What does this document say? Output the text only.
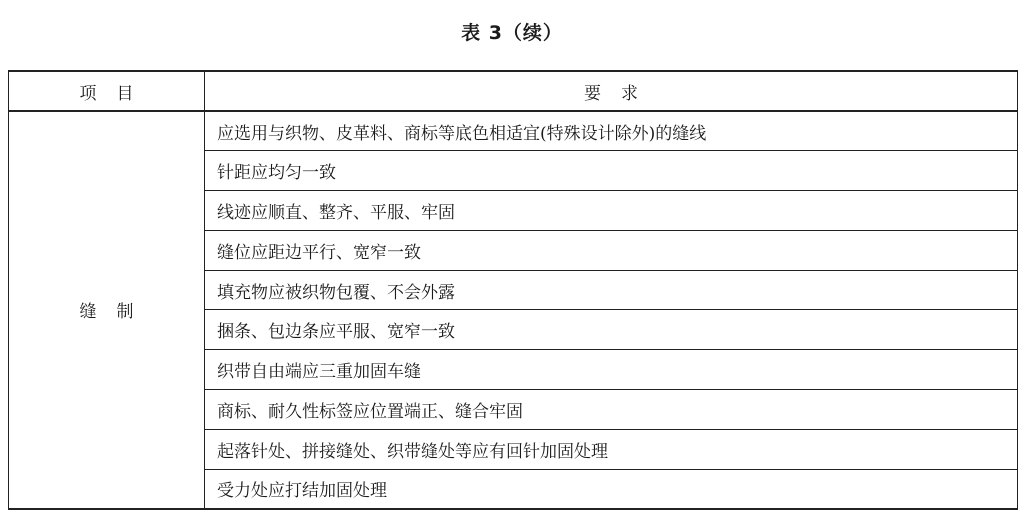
表 3（续）
项目	要求
缝制	应选用与织物、皮革料、商标等底色相适宜(特殊设计除外)的缝线
	针距应均匀一致
	线迹应顺直、整齐、平服、牢固
	缝位应距边平行、宽窄一致
	填充物应被织物包覆、不会外露
	捆条、包边条应平服、宽窄一致
	织带自由端应三重加固车缝
	商标、耐久性标签应位置端正、缝合牢固
	起落针处、拼接缝处、织带缝处等应有回针加固处理
	受力处应打结加固处理
